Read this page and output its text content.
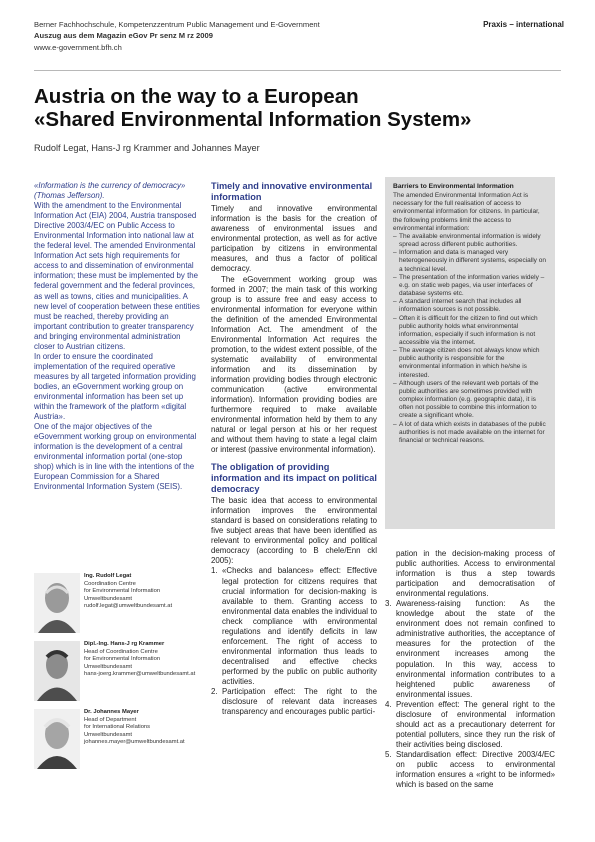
Berner Fachhochschule, Kompetenzzentrum Public Management und E-Government
Auszug aus dem Magazin eGov Pr senz M rz 2009
www.e-government.bfh.ch
Praxis – international
Austria on the way to a European
«Shared Environmental Information System»
Rudolf Legat, Hans-J rg Krammer and Johannes Mayer

«Information is the currency of democracy» (Thomas Jefferson).

With the amendment to the Environmental Information Act (EIA) 2004, Austria transposed Directive 2003/4/EC on Public Access to Environmental Information into national law at the federal level. The amended Environmental Information Act sets high requirements for access to and dissemination of environmental information; these must be implemented by the federal government and the federal provinces, as well as towns, cities and municipalities. A new level of cooperation between these entities must be reached, thereby providing an important contribution to greater transparency and bringing environmental administration closer to Austrian citizens.

In order to ensure the coordinated implementation of the required operative measures by all targeted information providing bodies, an eGovernment working group on environmental information has been set up within the framework of the platform «digital Austria».

One of the major objectives of the eGovernment working group on environmental information is the development of a central environmental information portal (one-stop shop) which is in line with the intentions of the European Commission for a Shared Environmental Information System (SEIS).

Ing. Rudolf Legat
Coordination Centre
for Environmental Information
Umweltbundesamt
rudolf.legat@umweltbundesamt.at
Dipl.-Ing. Hans-J rg Krammer
Head of Coordination Centre
for Environmental Information
Umweltbundesamt
hans-joerg.krammer@umweltbundesamt.at
Dr. Johannes Mayer
Head of Department
for International Relations
Umweltbundesamt
johannes.mayer@umweltbundesamt.at
Timely and innovative environmental information

Timely and innovative environmental information is the basis for the creation of awareness of environmental issues and environmental protection, as well as for active participation by citizens in environmental measures, and thus a factor of political democracy.

The eGovernment working group was formed in 2007; the main task of this working group is to assure free and easy access to environmental information for everyone within the definition of the amended Environmental Information Act. The amendment of the Environmental Information Act requires the promotion, to the widest extent possible, of the systematic availability of environmental information and its dissemination by information providing bodies through electronic communication (active environmental information). Information providing bodies are furthermore required to make available environmental information held by them to any natural or legal person at his or her request and without them having to state a legal claim or interest (passive environmental information).

The obligation of providing information and its impact on political democracy

The basic idea that access to environmental information improves the environmental standard is based on considerations relating to five subject areas that have been identified as relevant to environmental policy and political democracy (according to B chele/Enn ckl 2005):

1. «Checks and balances» effect: Effective legal protection for citizens requires that crucial information for decision-making is available to them. Granting access to environmental data enables the individual to check compliance with environmental regulations and identify deficits in law enforcement. The right of access to environmental information thus leads to decentralised and effective checks performed by the public on public authority activities.
2. Participation effect: The right to the disclosure of relevant data increases transparency and encourages public partici-
Barriers to Environmental Information

The amended Environmental Information Act is necessary for the full realisation of access to environmental information for citizens. In particular, the following problems limit the access to environmental information:

– The available environmental information is widely spread across different public authorities.
– Information and data is managed very heterogeneously in different systems, especially on a technical level.
– The presentation of the information varies widely – e.g. on static web pages, via user interfaces of database systems etc.
– A standard internet search that includes all information sources is not possible.
– Often it is difficult for the citizen to find out which public authority holds what environmental information, especially if such information is not accessible via the internet.
– The average citizen does not always know which public authority is responsible for the environmental information in which he/she is interested.
– Although users of the relevant web portals of the public authorities are sometimes provided with complex information (e.g. geographic data), it is often not possible to combine this information to create a significant whole.
– A lot of data which exists in databases of the public authorities is not made available on the internet for financial or technical reasons.

pation in the decision-making process of public authorities. Access to environmental information is thus a step towards participation and democratisation of environmental regulations.

3. Awareness-raising function: As the knowledge about the state of the environment does not remain confined to administrative authorities, the acceptance of measures for the protection of the environment increases among the population. In this way, access to environmental information contributes to a heightened public awareness of environmental issues.
4. Prevention effect: The general right to the disclosure of environmental information should act as a precautionary deterrent for potential polluters, since they run the risk of their activities being disclosed.
5. Standardisation effect: Directive 2003/4/EC on public access to environmental information ensures a «right to be informed» which is based on the same
